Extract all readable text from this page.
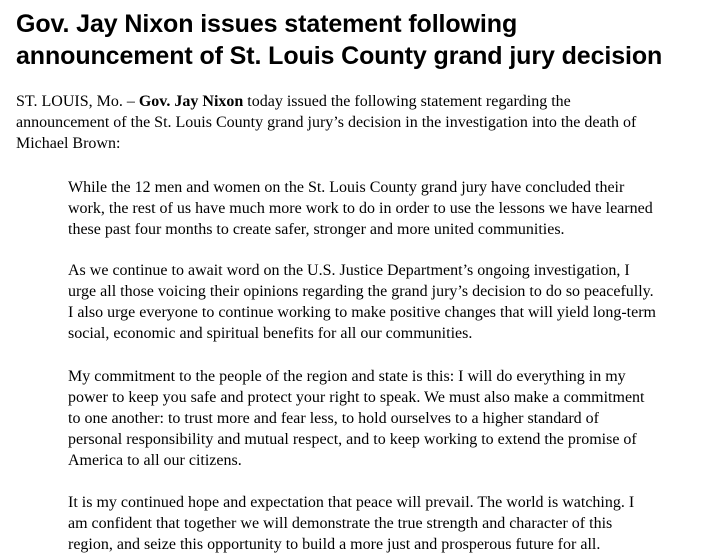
Gov. Jay Nixon issues statement following
announcement of St. Louis County grand jury decision

ST. LOUIS, Mo. – Gov. Jay Nixon today issued the following statement regarding the
announcement of the St. Louis County grand jury’s decision in the investigation into the death of
Michael Brown:

While the 12 men and women on the St. Louis County grand jury have concluded their
work, the rest of us have much more work to do in order to use the lessons we have learned
these past four months to create safer, stronger and more united communities.

As we continue to await word on the U.S. Justice Department’s ongoing investigation, I
urge all those voicing their opinions regarding the grand jury’s decision to do so peacefully.
I also urge everyone to continue working to make positive changes that will yield long-term
social, economic and spiritual benefits for all our communities.

My commitment to the people of the region and state is this: I will do everything in my
power to keep you safe and protect your right to speak. We must also make a commitment
to one another: to trust more and fear less, to hold ourselves to a higher standard of
personal responsibility and mutual respect, and to keep working to extend the promise of
America to all our citizens.

It is my continued hope and expectation that peace will prevail. The world is watching. I
am confident that together we will demonstrate the true strength and character of this
region, and seize this opportunity to build a more just and prosperous future for all.
